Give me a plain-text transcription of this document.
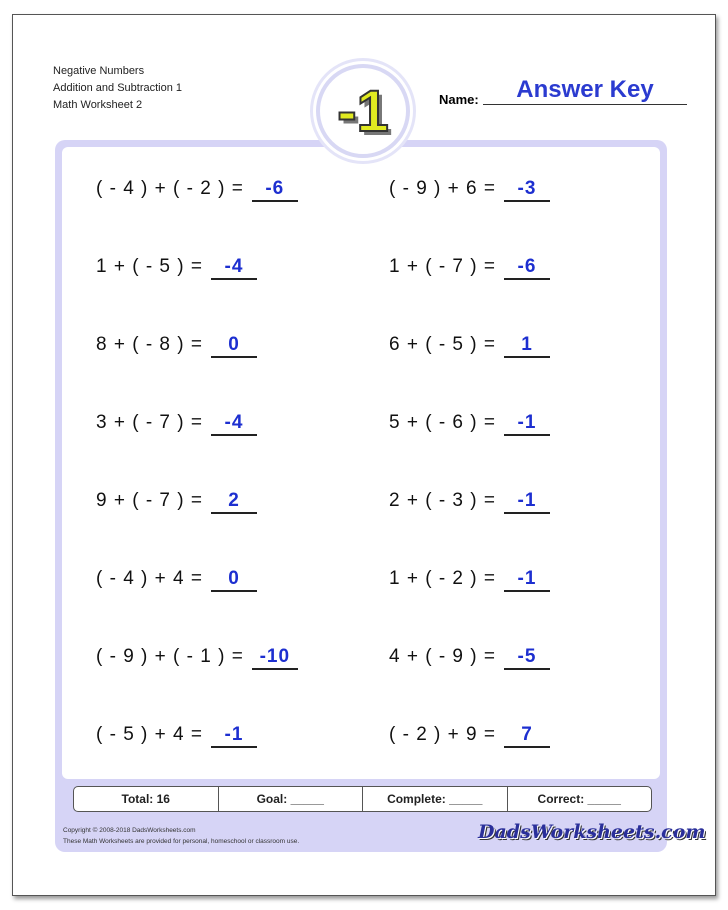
Negative Numbers
Addition and Subtraction 1
Math Worksheet 2	-1	Name:	Answer Key
( - 4 ) + ( - 2 ) =	-6	( - 9 ) + 6 =	-3
1 + ( - 5 ) =	-4	1 + ( - 7 ) =	-6
8 + ( - 8 ) =	0	6 + ( - 5 ) =	1
3 + ( - 7 ) =	-4	5 + ( - 6 ) =	-1
9 + ( - 7 ) =	2	2 + ( - 3 ) =	-1
( - 4 ) + 4 =	0	1 + ( - 2 ) =	-1
( - 9 ) + ( - 1 ) = -10	4 + ( - 9 ) =	-5
( - 5 ) + 4 =	-1	( - 2 ) + 9 =	7
Total: 16	Goal: _____	Complete: _____	Correct: _____
Copyright © 2008-2018 DadsWorksheets.com
These Math Worksheets are provided for personal, homeschool or classroom use.	DadsWorksheets.com
